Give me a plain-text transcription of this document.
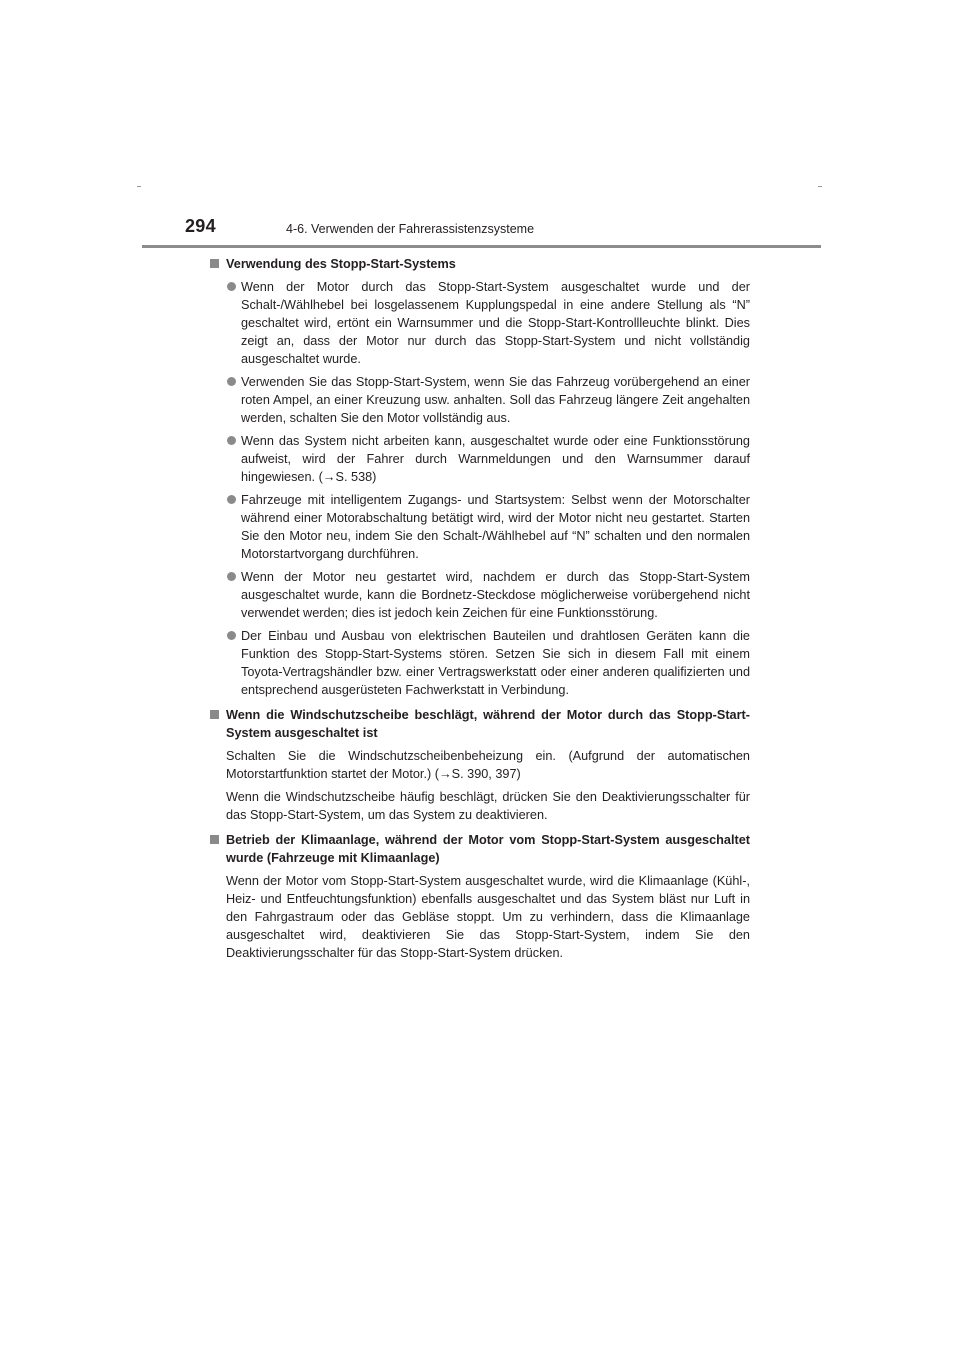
294	4-6. Verwenden der Fahrerassistenzsysteme
Verwendung des Stopp-Start-Systems
Wenn der Motor durch das Stopp-Start-System ausgeschaltet wurde und der Schalt-/Wählhebel bei losgelassenem Kupplungspedal in eine andere Stellung als “N” geschaltet wird, ertönt ein Warnsummer und die Stopp-Start-Kontrollleuchte blinkt. Dies zeigt an, dass der Motor nur durch das Stopp-Start-System und nicht vollständig ausgeschaltet wurde.
Verwenden Sie das Stopp-Start-System, wenn Sie das Fahrzeug vorübergehend an einer roten Ampel, an einer Kreuzung usw. anhalten. Soll das Fahrzeug längere Zeit angehalten werden, schalten Sie den Motor vollständig aus.
Wenn das System nicht arbeiten kann, ausgeschaltet wurde oder eine Funktionsstörung aufweist, wird der Fahrer durch Warnmeldungen und den Warnsummer darauf hingewiesen. (→S. 538)
Fahrzeuge mit intelligentem Zugangs- und Startsystem: Selbst wenn der Motorschalter während einer Motorabschaltung betätigt wird, wird der Motor nicht neu gestartet. Starten Sie den Motor neu, indem Sie den Schalt-/Wählhebel auf “N” schalten und den normalen Motorstartvorgang durchführen.
Wenn der Motor neu gestartet wird, nachdem er durch das Stopp-Start-System ausgeschaltet wurde, kann die Bordnetz-Steckdose möglicherweise vorübergehend nicht verwendet werden; dies ist jedoch kein Zeichen für eine Funktionsstörung.
Der Einbau und Ausbau von elektrischen Bauteilen und drahtlosen Geräten kann die Funktion des Stopp-Start-Systems stören. Setzen Sie sich in diesem Fall mit einem Toyota-Vertragshändler bzw. einer Vertragswerkstatt oder einer anderen qualifizierten und entsprechend ausgerüsteten Fachwerkstatt in Verbindung.
Wenn die Windschutzscheibe beschlägt, während der Motor durch das Stopp-Start-System ausgeschaltet ist
Schalten Sie die Windschutzscheibenbeheizung ein. (Aufgrund der automatischen Motorstartfunktion startet der Motor.) (→S. 390, 397)
Wenn die Windschutzscheibe häufig beschlägt, drücken Sie den Deaktivierungsschalter für das Stopp-Start-System, um das System zu deaktivieren.
Betrieb der Klimaanlage, während der Motor vom Stopp-Start-System ausgeschaltet wurde (Fahrzeuge mit Klimaanlage)
Wenn der Motor vom Stopp-Start-System ausgeschaltet wurde, wird die Klimaanlage (Kühl-, Heiz- und Entfeuchtungsfunktion) ebenfalls ausgeschaltet und das System bläst nur Luft in den Fahrgastraum oder das Gebläse stoppt. Um zu verhindern, dass die Klimaanlage ausgeschaltet wird, deaktivieren Sie das Stopp-Start-System, indem Sie den Deaktivierungsschalter für das Stopp-Start-System drücken.
